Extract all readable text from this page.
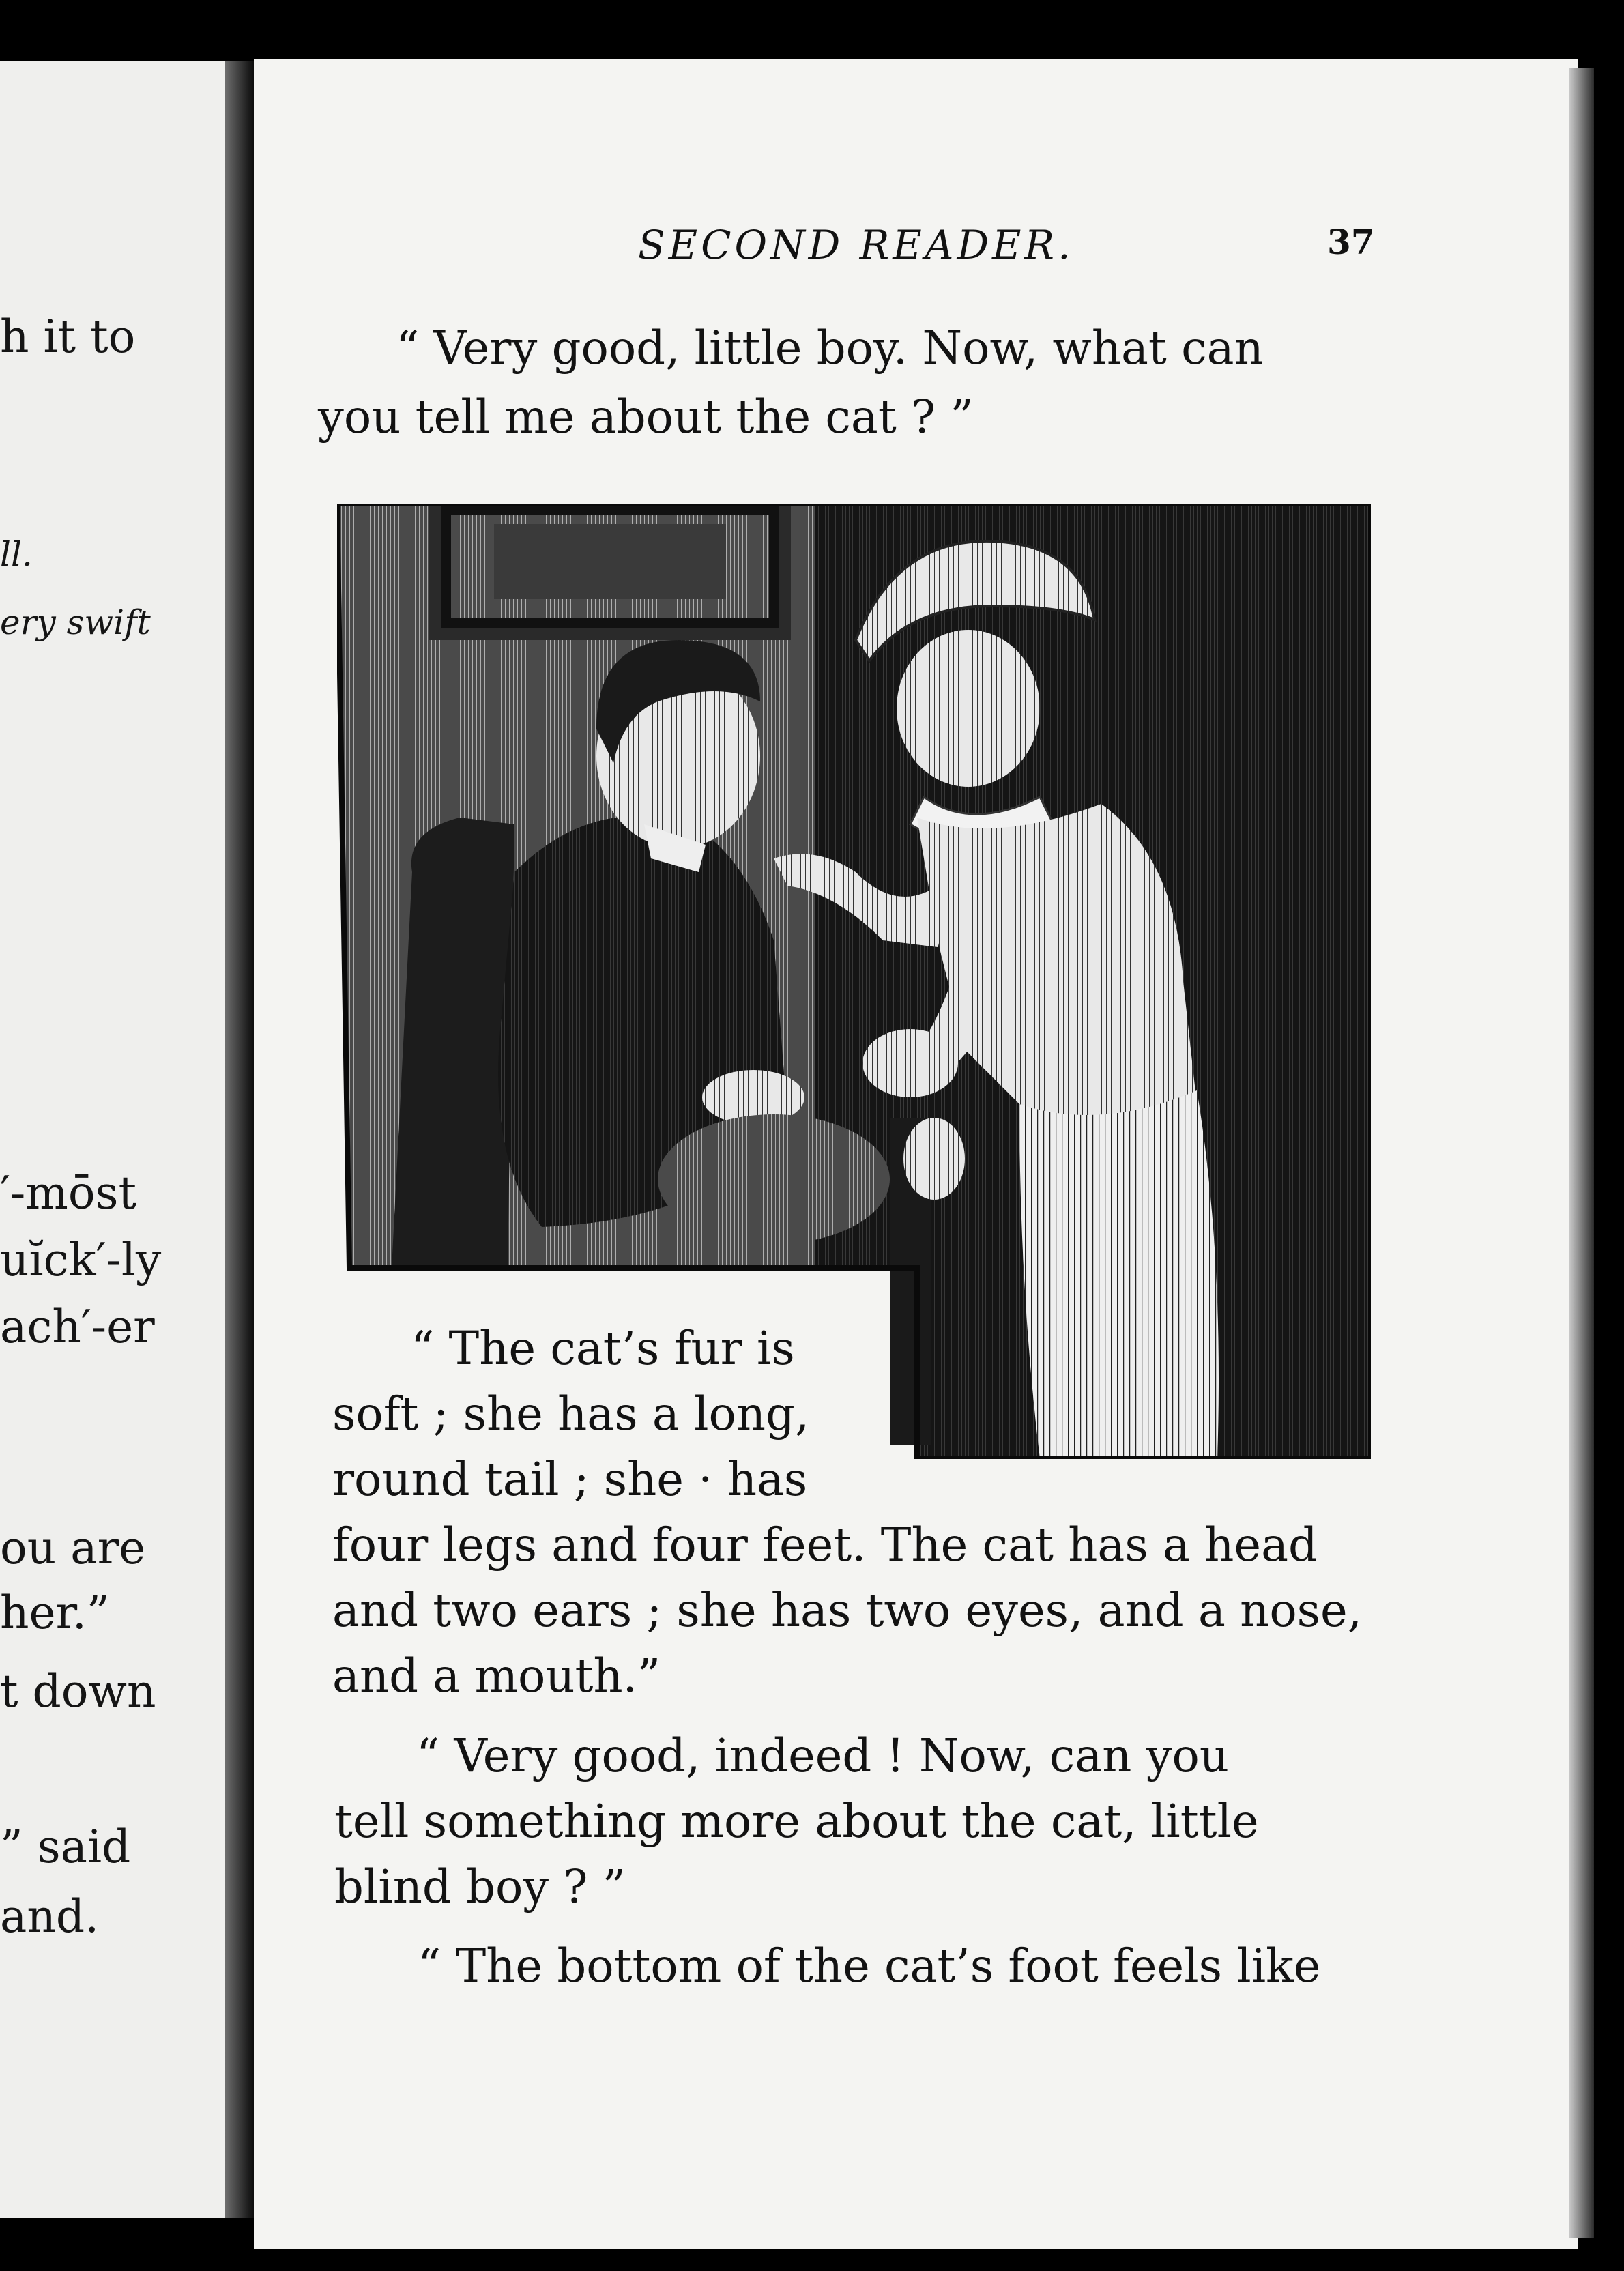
h it to
ll.
ery swift
′-mōst
uĭck′-ly
ach′-er
ou are
her.”
t down
” said
and.
SECOND READER.	37
“ Very good, little boy. Now, what can
you tell me about the cat ? ”
“ The cat’s fur is
soft ; she has a long,
round tail ; she · has
four legs and four feet. The cat has a head
and two ears ; she has two eyes, and a nose,
and a mouth.”
“ Very good, indeed ! Now, can you
tell something more about the cat, little
blind boy ? ”
“ The bottom of the cat’s foot feels like
